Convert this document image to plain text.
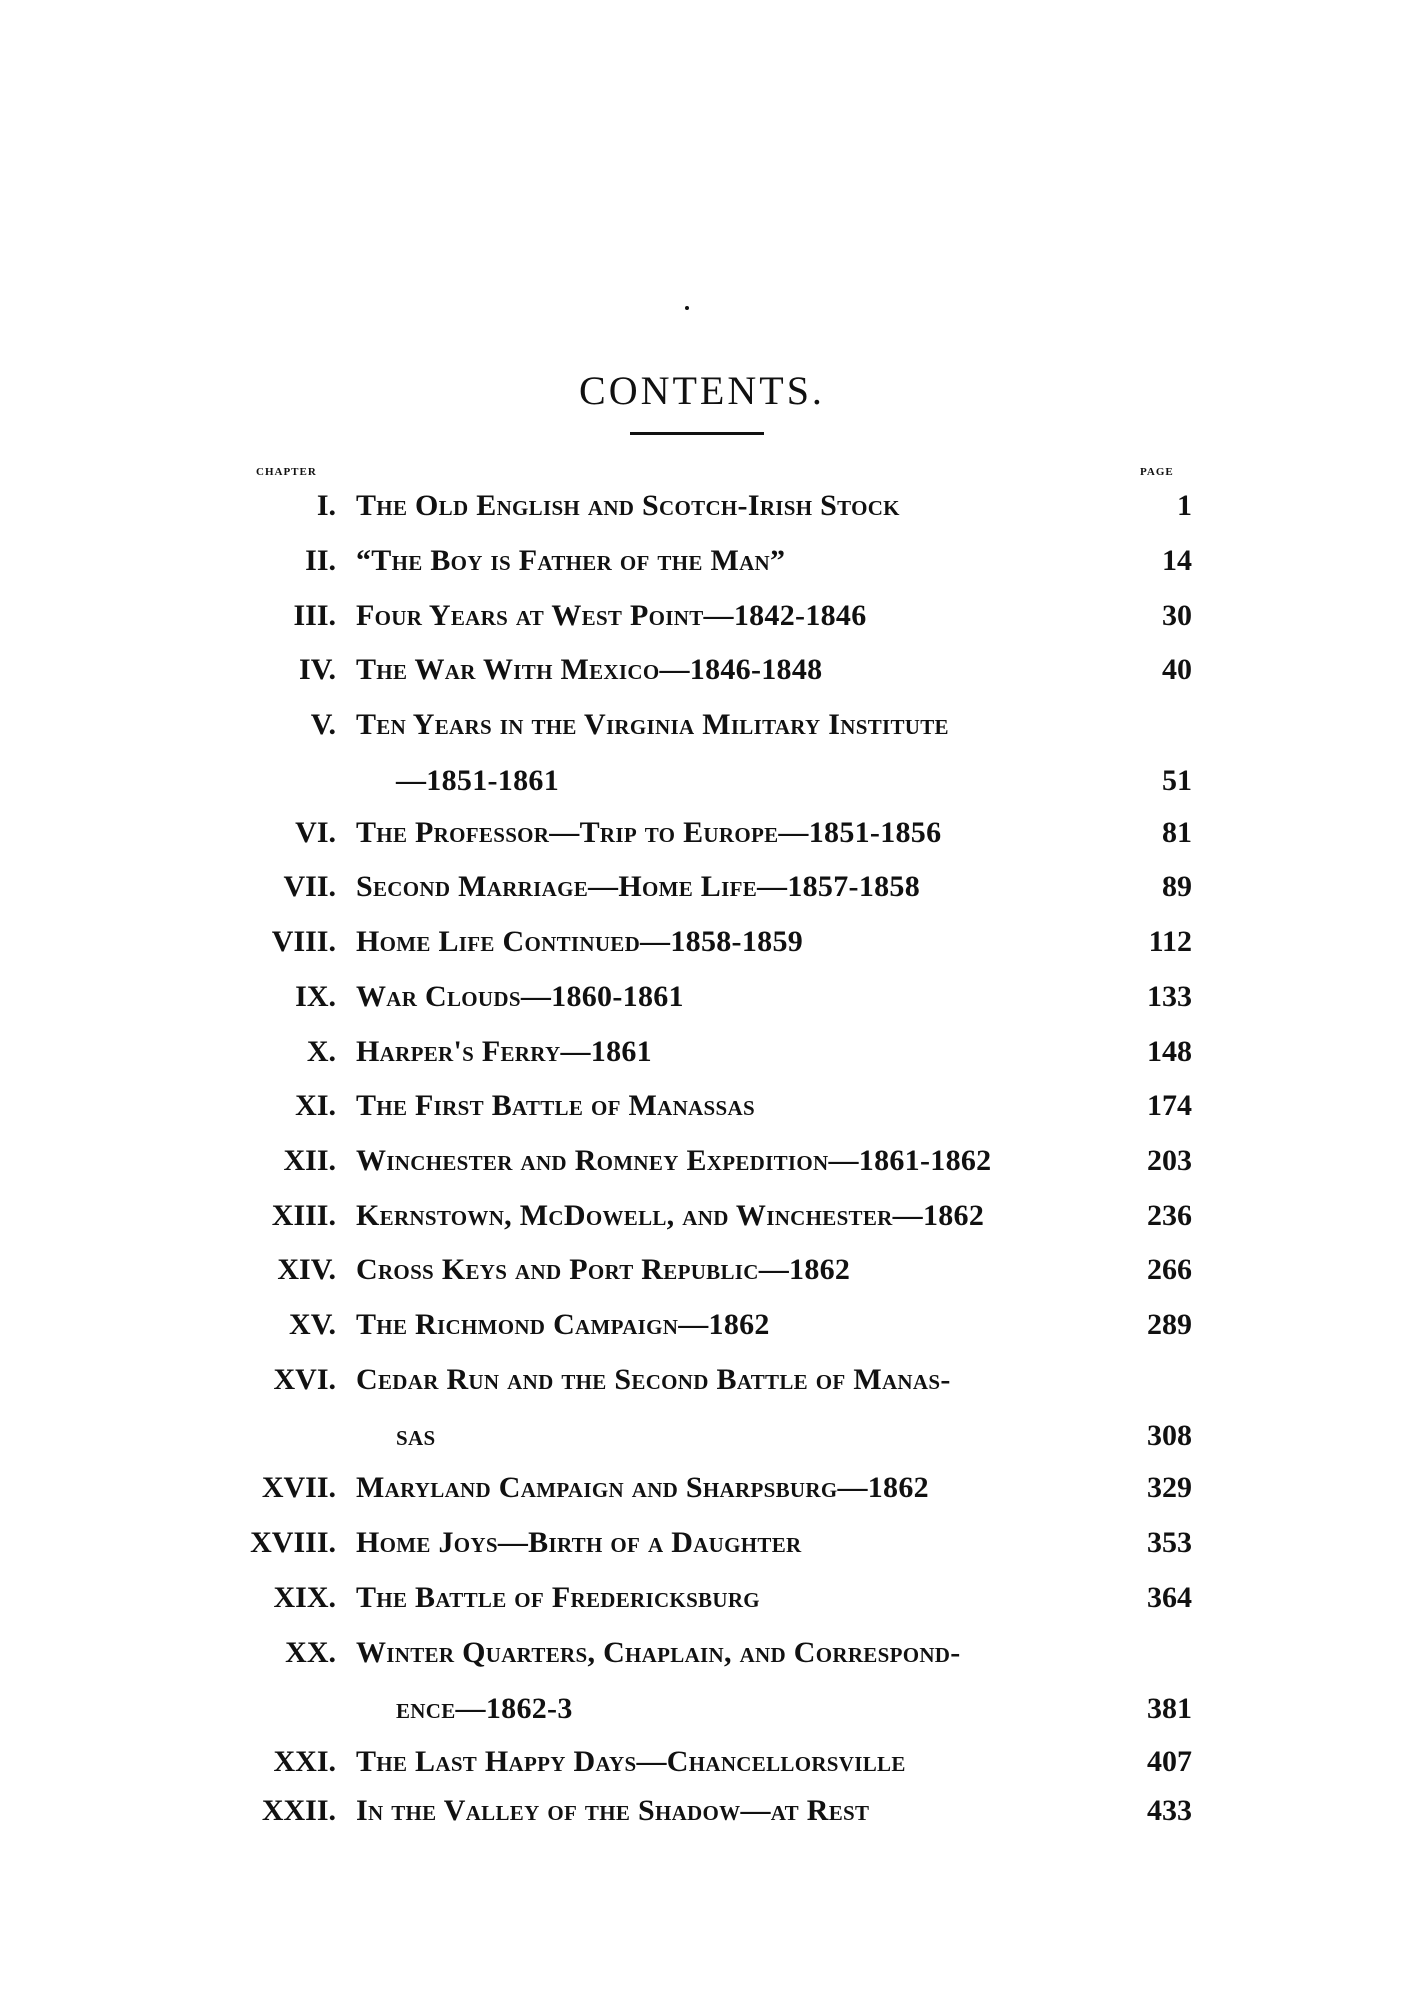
CONTENTS.
CHAPTER	PAGE
I. The Old English and Scotch-Irish Stock	1
II. “The Boy is Father of the Man”	14
III. Four Years at West Point—1842-1846	30
IV. The War With Mexico—1846-1848	40
V. Ten Years in the Virginia Military Institute
—1851-1861	51
VI. The Professor—Trip to Europe—1851-1856	81
VII. Second Marriage—Home Life—1857-1858	89
VIII. Home Life Continued—1858-1859	112
IX. War Clouds—1860-1861	133
X. Harper's Ferry—1861	148
XI. The First Battle of Manassas	174
XII. Winchester and Romney Expedition—1861-1862	203
XIII. Kernstown, McDowell, and Winchester—1862	236
XIV. Cross Keys and Port Republic—1862	266
XV. The Richmond Campaign—1862	289
XVI. Cedar Run and the Second Battle of Manas-
sas	308
XVII. Maryland Campaign and Sharpsburg—1862	329
XVIII. Home Joys—Birth of a Daughter	353
XIX. The Battle of Fredericksburg	364
XX. Winter Quarters, Chaplain, and Correspond-
ence—1862-3	381
XXI. The Last Happy Days—Chancellorsville	407
XXII. In the Valley of the Shadow—at Rest	433
